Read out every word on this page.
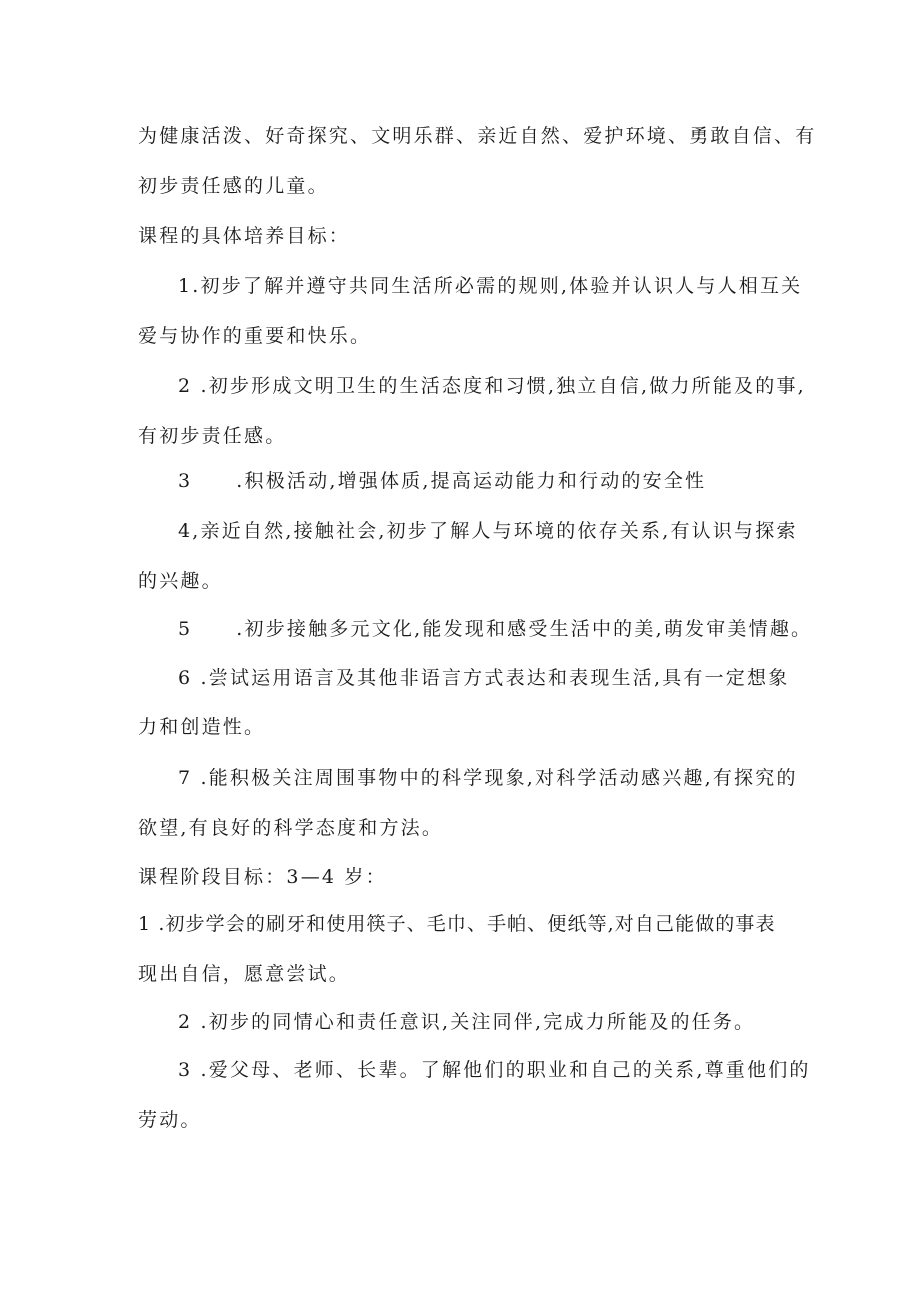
为健康活泼、好奇探究、文明乐群、亲近自然、爱护环境、勇敢自信、有
初步责任感的儿童。
课程的具体培养目标：
1.初步了解并遵守共同生活所必需的规则,体验并认识人与人相互关
爱与协作的重要和快乐。
2 .初步形成文明卫生的生活态度和习惯,独立自信,做力所能及的事,
有初步责任感。
3 .积极活动,增强体质,提高运动能力和行动的安全性
4,亲近自然,接触社会,初步了解人与环境的依存关系,有认识与探索
的兴趣。
5 .初步接触多元文化,能发现和感受生活中的美,萌发审美情趣。
6 .尝试运用语言及其他非语言方式表达和表现生活,具有一定想象
力和创造性。
7 .能积极关注周围事物中的科学现象,对科学活动感兴趣,有探究的
欲望,有良好的科学态度和方法。
课程阶段目标：3—4 岁：
1 .初步学会的刷牙和使用筷子、毛巾、手帕、便纸等,对自己能做的事表
现出自信，愿意尝试。
2 .初步的同情心和责任意识,关注同伴,完成力所能及的任务。
3 .爱父母、老师、长辈。了解他们的职业和自己的关系,尊重他们的
劳动。
